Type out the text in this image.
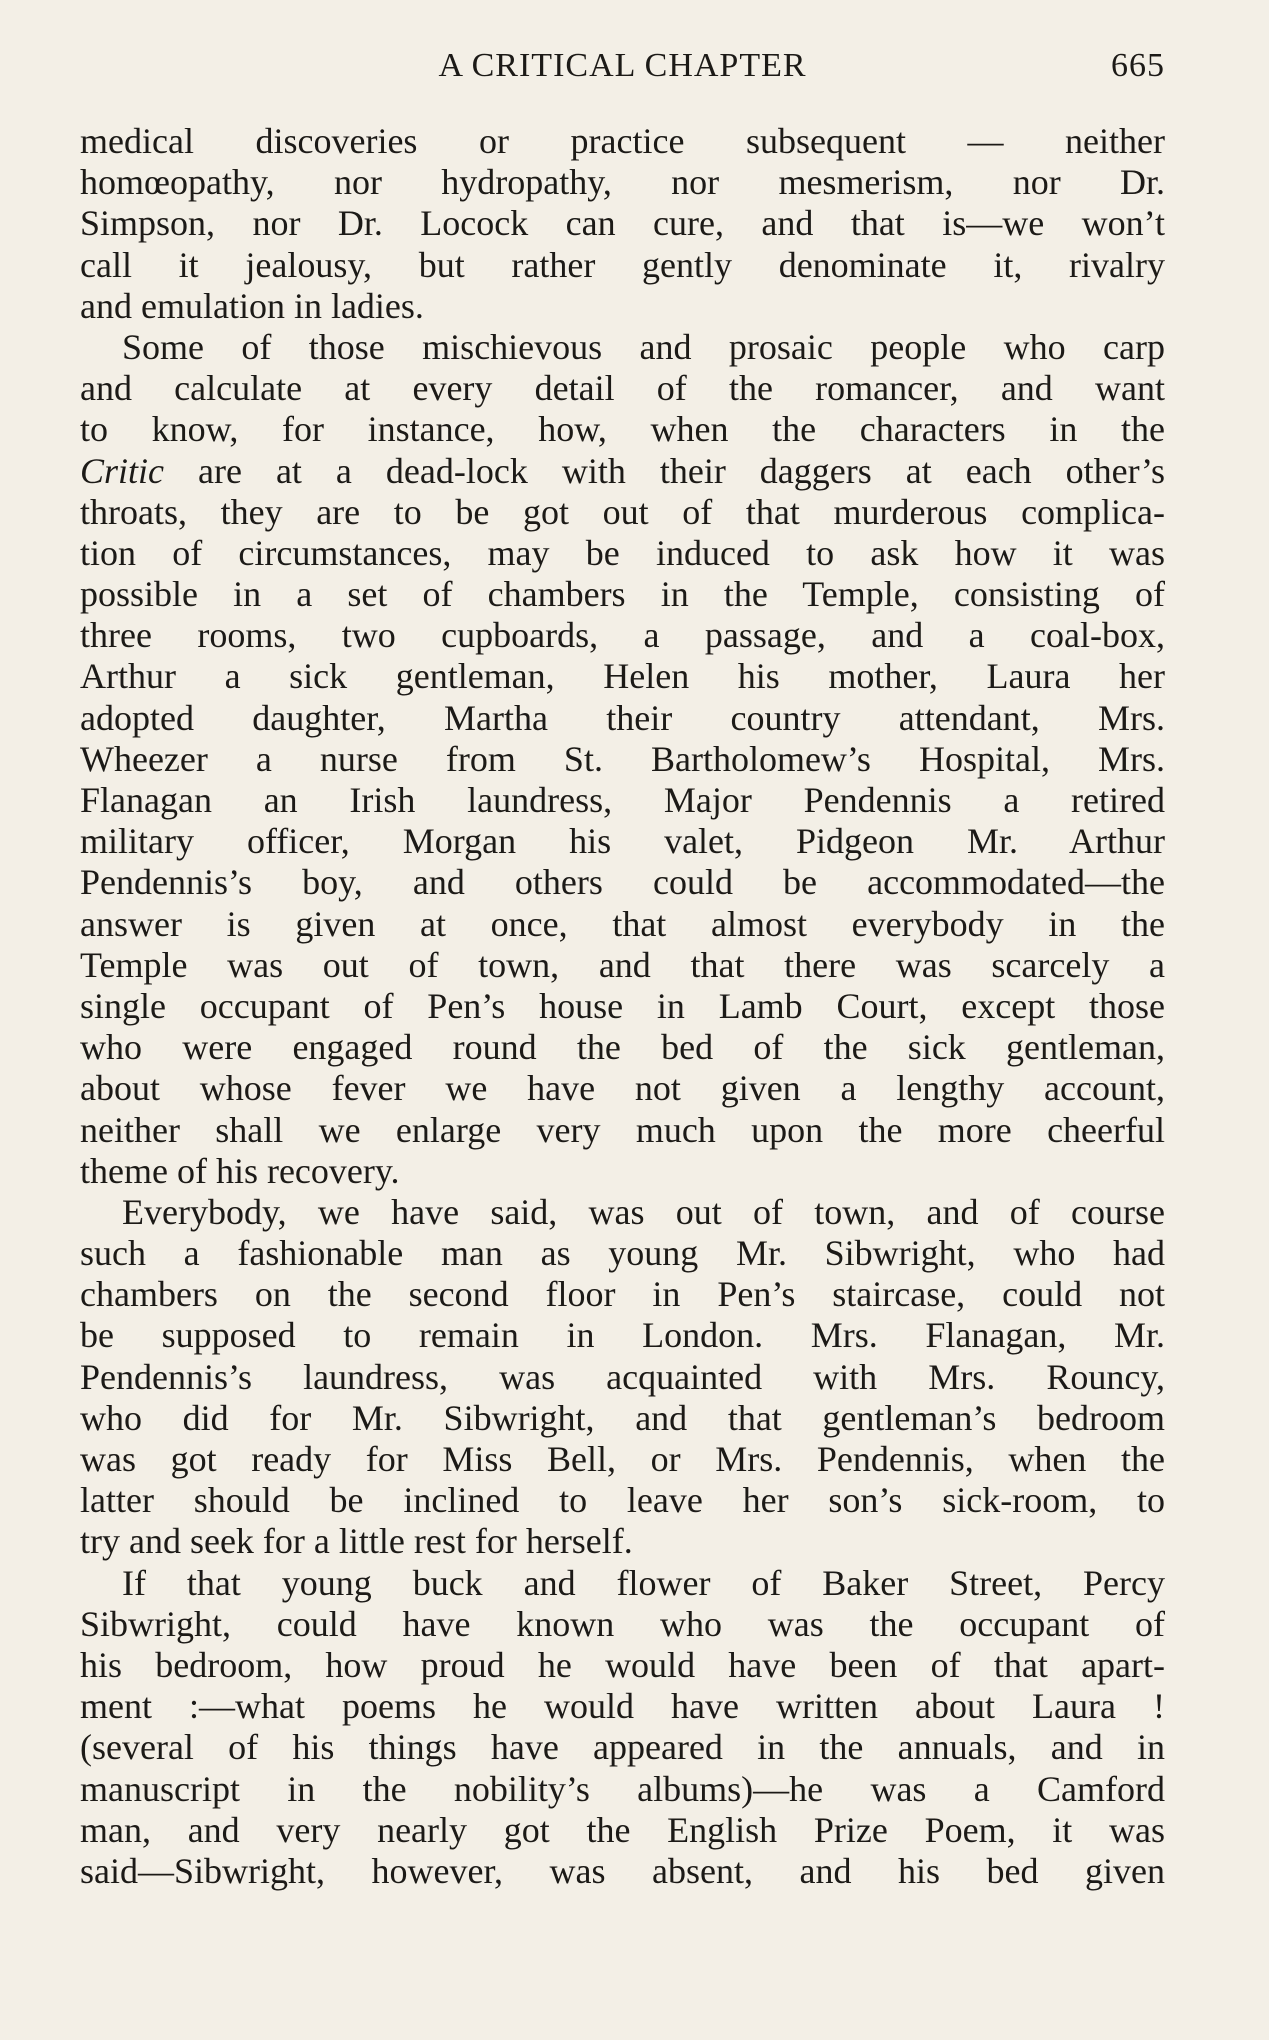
A CRITICAL CHAPTER	665
medical discoveries or practice subsequent — neither
homœopathy, nor hydropathy, nor mesmerism, nor Dr.
Simpson, nor Dr. Locock can cure, and that is—we won’t
call it jealousy, but rather gently denominate it, rivalry
and emulation in ladies.
Some of those mischievous and prosaic people who carp
and calculate at every detail of the romancer, and want
to know, for instance, how, when the characters in the
Critic are at a dead-lock with their daggers at each other’s
throats, they are to be got out of that murderous complica-
tion of circumstances, may be induced to ask how it was
possible in a set of chambers in the Temple, consisting of
three rooms, two cupboards, a passage, and a coal-box,
Arthur a sick gentleman, Helen his mother, Laura her
adopted daughter, Martha their country attendant, Mrs.
Wheezer a nurse from St. Bartholomew’s Hospital, Mrs.
Flanagan an Irish laundress, Major Pendennis a retired
military officer, Morgan his valet, Pidgeon Mr. Arthur
Pendennis’s boy, and others could be accommodated—the
answer is given at once, that almost everybody in the
Temple was out of town, and that there was scarcely a
single occupant of Pen’s house in Lamb Court, except those
who were engaged round the bed of the sick gentleman,
about whose fever we have not given a lengthy account,
neither shall we enlarge very much upon the more cheerful
theme of his recovery.
Everybody, we have said, was out of town, and of course
such a fashionable man as young Mr. Sibwright, who had
chambers on the second floor in Pen’s staircase, could not
be supposed to remain in London. Mrs. Flanagan, Mr.
Pendennis’s laundress, was acquainted with Mrs. Rouncy,
who did for Mr. Sibwright, and that gentleman’s bedroom
was got ready for Miss Bell, or Mrs. Pendennis, when the
latter should be inclined to leave her son’s sick-room, to
try and seek for a little rest for herself.
If that young buck and flower of Baker Street, Percy
Sibwright, could have known who was the occupant of
his bedroom, how proud he would have been of that apart-
ment :—what poems he would have written about Laura !
(several of his things have appeared in the annuals, and in
manuscript in the nobility’s albums)—he was a Camford
man, and very nearly got the English Prize Poem, it was
said—Sibwright, however, was absent, and his bed given
